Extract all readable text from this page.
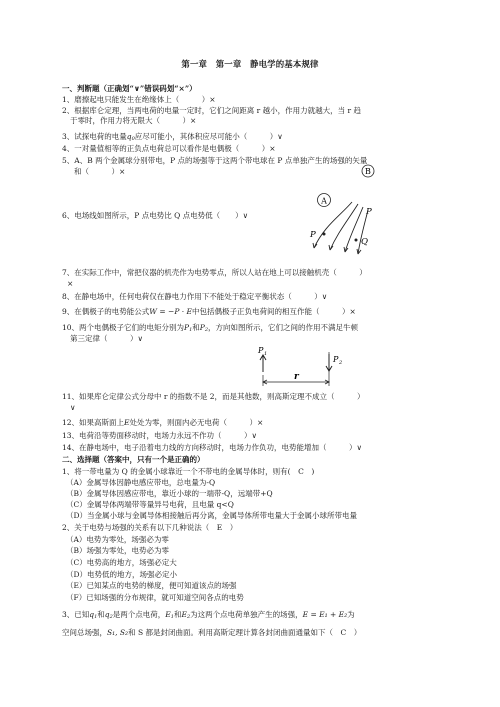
第一章　第一章　静电学的基本规律
一、判断题（正确划“∨”错误码划“×”）
1、磨擦起电只能发生在绝缘体上（　　　）×
2、根据库仑定理，当两电荷的电量一定时，它们之间距离 r 越小，作用力就越大，当 r 趋
于零时，作用力将无限大（　　　）×
3、试探电荷的电量$q_0$应尽可能小，其体积应尽可能小（　　　）∨
4、一对量值相等的正负点电荷总可以看作是电偶极（　　　）×
5、A、B 两个金属球分别带电，P 点的场强等于这两个带电球在 P 点单独产生的场强的矢量
和（　　　）×	B
A
P
P
Q
6、电场线如图所示，P 点电势比 Q 点电势低（　　）∨
7、在实际工作中，常把仪器的机壳作为电势零点，所以人站在地上可以接触机壳（　　　）
×
8、在静电场中，任何电荷仅在静电力作用下不能处于稳定平衡状态（　　　）∨
9、在偶极子的电势能公式W = −P · E中包括偶极子正负电荷间的相互作能（　　　）×
10、两个电偶极子它们的电矩分别为$P_1$和$P_2$，方向如图所示，它们之间的作用不满足牛顿
第三定律（　　　）∨
P 1
P 2
r
11、如果库仑定律公式分母中 r 的指数不是 2，而是其他数，则高斯定理不成立（　　　）
∨
12、如果高斯面上E处处为零，则面内必无电荷（　　　）×
13、电荷沿等势面移动时，电场力永远不作功（　　　）∨
14、在静电场中，电子沿着电力线的方向移动时，电场力作负功，电势能增加（　　　）∨
二、选择题（答案中，只有一个是正确的）
1、将一带电量为 Q 的金属小球靠近一个不带电的金属导体时，则有(　C　)
（A）金属导体因静电感应带电，总电量为-Q
（B）金属导体因感应带电，靠近小球的一端带-Q，远端带+Q
（C）金属导体两端带等量异号电荷，且电量 q<Q
（D）当金属小球与金属导体相接触后再分离，金属导体所带电量大于金属小球所带电量
2、关于电势与场强的关系有以下几种说法（　E　）
（A）电势为零处，场强必为零
（B）场强为零处，电势必为零
（C）电势高的地方，场强必定大
（D）电势低的地方，场强必定小
（E）已知某点的电势的梯度，便可知道该点的场强
（F）已知场强的分布规律，就可知道空间各点的电势
3、已知$q_1$和$q_2$是两个点电荷，$E_1$和$E_2$为这两个点电荷单独产生的场强，E = E₁ + E₂为
空间总场强，S₁, S₂和 S 都是封闭曲面。利用高斯定理计算各封闭曲面通量如下（　C　）
